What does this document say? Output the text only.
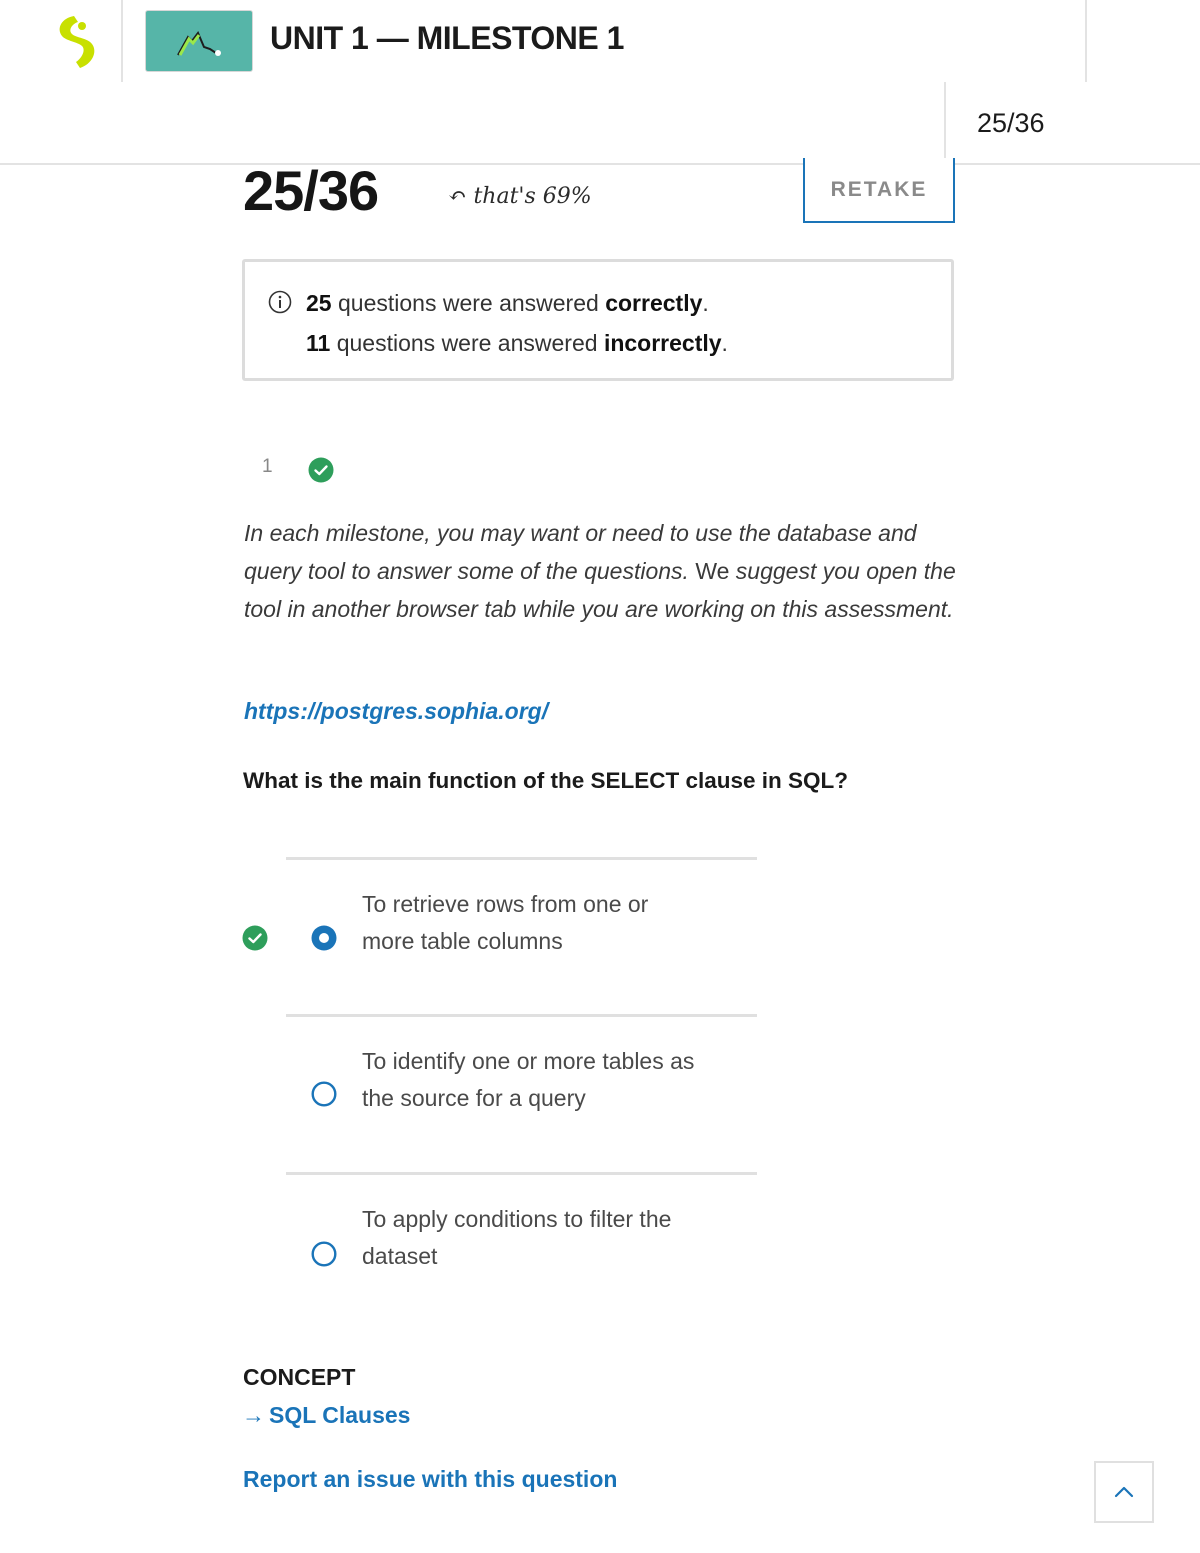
UNIT 1 — MILESTONE 1
25/36
25/36	↶ that's 69%	RETAKE
25 questions were answered correctly.
11 questions were answered incorrectly.
1
In each milestone, you may want or need to use the database and query tool to answer some of the questions. We suggest you open the tool in another browser tab while you are working on this assessment.
https://postgres.sophia.org/
What is the main function of the SELECT clause in SQL?
To retrieve rows from one or
more table columns
To identify one or more tables as
the source for a query
To apply conditions to filter the
dataset
CONCEPT
→ SQL Clauses
Report an issue with this question
